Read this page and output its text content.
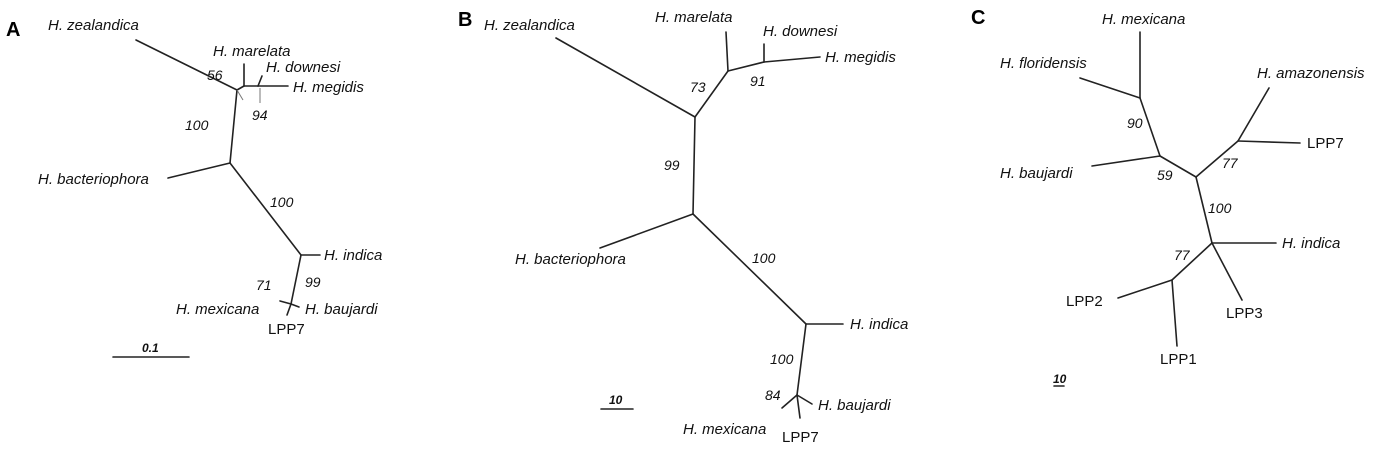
A H. zealandica
H. marelata
H. downesi
H. megidis
H. bacteriophora
H. indica
H. mexicana	H. baujardi
LPP7
56
94
100
100
99
71
0.1
B H. zealandica	H. marelata
H. downesi
H. megidis
H. bacteriophora
H. indica
H. mexicana
H. baujardi
LPP7
73	91
99
100
100
84
10
C	H. mexicana
H. floridensis
H. amazonensis
LPP7
H. baujardi
H. indica
LPP2
LPP3
LPP1
90
59
77
100
77
10
